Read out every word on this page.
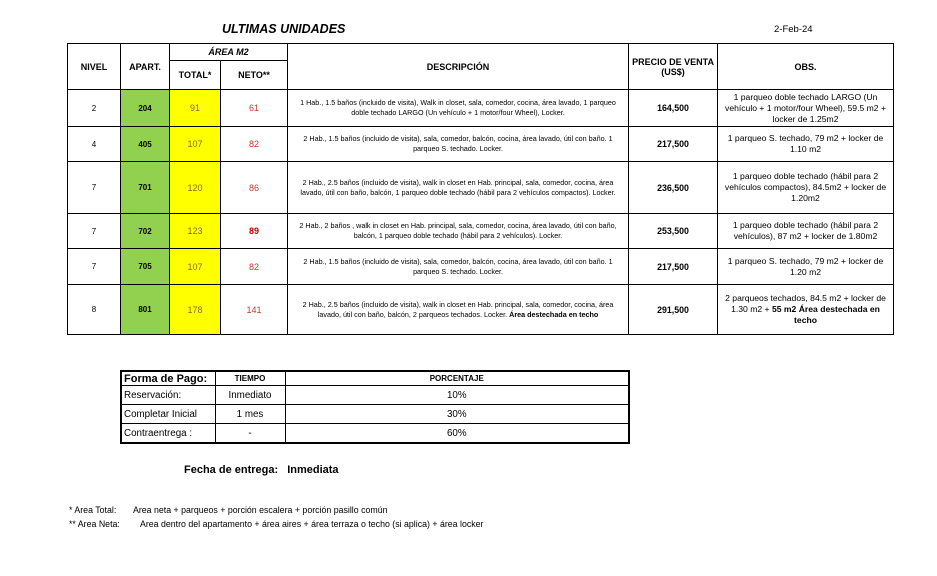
ULTIMAS UNIDADES	2-Feb-24
NIVEL	APART.	ÁREA M2		DESCRIPCIÓN	PRECIO DE VENTA (US$)	OBS.
		TOTAL*	NETO**			
2	204	91	61	1 Hab., 1.5 baños (incluido de visita), Walk in closet, sala, comedor, cocina, área lavado, 1 parqueo doble techado LARGO (Un vehículo + 1 motor/four Wheel), Locker.	164,500	1 parqueo doble techado LARGO (Un vehículo + 1 motor/four Wheel), 59.5 m2 + locker de 1.25m2
4	405	107	82	2 Hab., 1.5 baños (incluido de visita), sala, comedor, balcón, cocina, área lavado, útil con baño. 1 parqueo S. techado. Locker.	217,500	1 parqueo S. techado, 79 m2 + locker de 1.10 m2
7	701	120	86	2 Hab., 2.5 baños (incluido de visita), walk in closet en Hab. principal, sala, comedor, cocina, área lavado, útil con baño, balcón, 1 parqueo doble techado (hábil para 2 vehículos compactos). Locker.	236,500	1 parqueo doble techado (hábil para 2 vehículos compactos), 84.5m2 + locker de 1.20m2
7	702	123	89	2 Hab., 2 baños , walk in closet en Hab. principal, sala, comedor, cocina, área lavado, útil con baño, balcón, 1 parqueo doble techado (hábil para 2 vehículos). Locker.	253,500	1 parqueo doble techado (hábil para 2 vehículos), 87 m2 + locker de 1.80m2
7	705	107	82	2 Hab., 1.5 baños (incluido de visita), sala, comedor, balcón, cocina, área lavado, útil con baño. 1 parqueo S. techado. Locker.	217,500	1 parqueo S. techado, 79 m2 + locker de 1.20 m2
8	801	178	141	2 Hab., 2.5 baños (incluido de visita), walk in closet en Hab. principal, sala, comedor, cocina, área lavado, útil con baño, balcón, 2 parqueos techados. Locker. Área destechada en techo	291,500	2 parqueos techados, 84.5 m2 + locker de 1.30 m2 + 55 m2 Área destechada en techo
Forma de Pago:	TIEMPO	PORCENTAJE
Reservación:	Inmediato	10%
Completar Inicial	1 mes	30%
Contraentrega :	-	60%
Fecha de entrega: Inmediata
* Area Total: Area neta + parqueos + porción escalera + porción pasillo común
** Area Neta: Area dentro del apartamento + área aires + área terraza o techo (si aplica) + área locker
